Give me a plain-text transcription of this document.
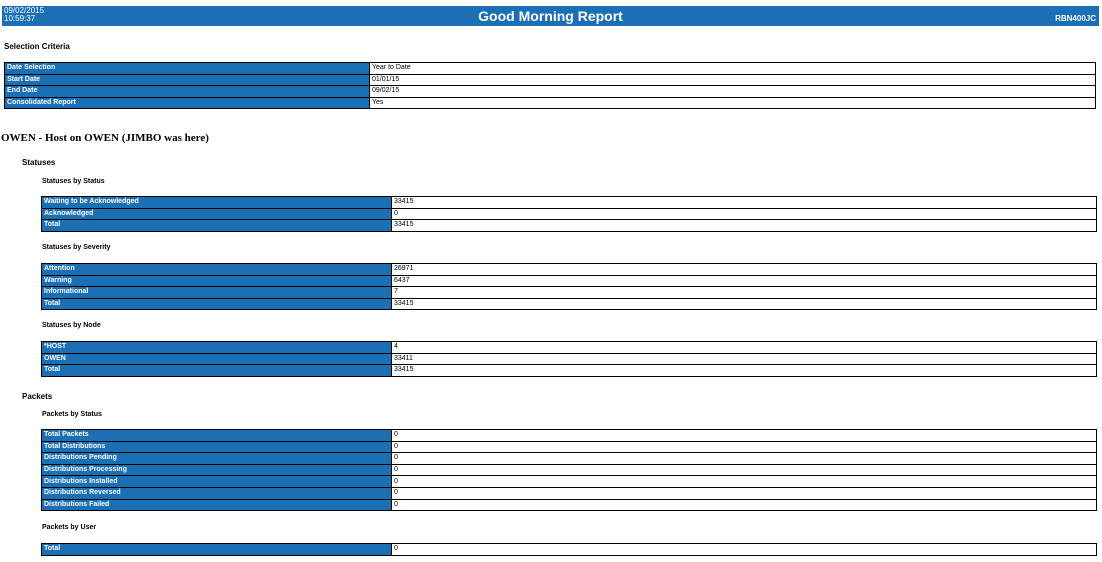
09/02/2015
10:59:37	Good Morning Report	RBN400JC
Selection Criteria
Date Selection	Year to Date
Start Date	01/01/15
End Date	09/02/15
Consolidated Report	Yes
OWEN - Host on OWEN (JIMBO was here)
Statuses
Statuses by Status
Waiting to be Acknowledged	33415
Acknowledged	0
Total	33415
Statuses by Severity
Attention	26971
Warning	6437
Informational	7
Total	33415
Statuses by Node
*HOST	4
OWEN	33411
Total	33415
Packets
Packets by Status
Total Packets	0
Total Distributions	0
Distributions Pending	0
Distributions Processing	0
Distributions Installed	0
Distributions Reversed	0
Distributions Failed	0
Packets by User
Total	0
